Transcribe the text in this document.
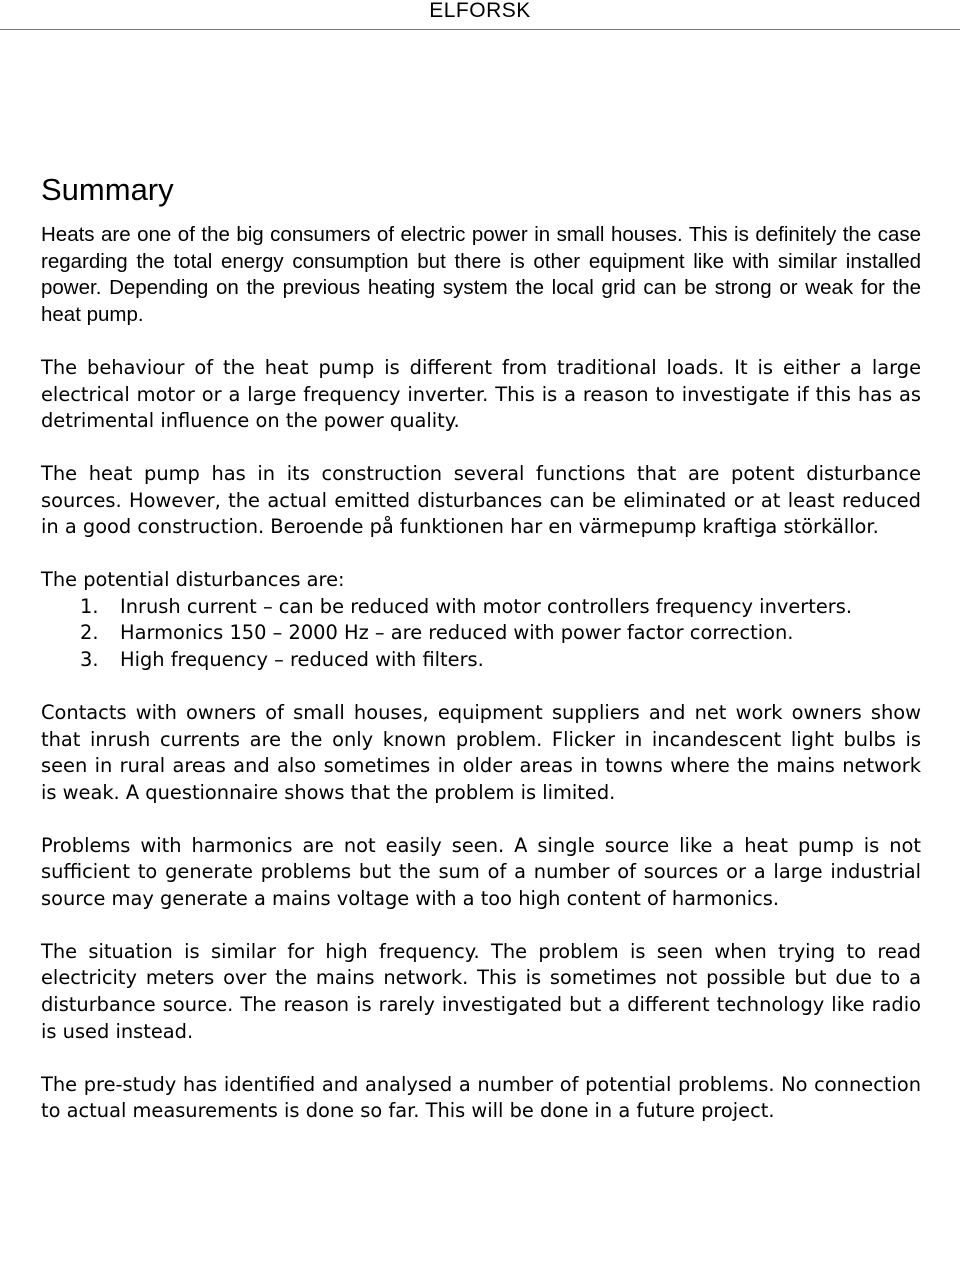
ELFORSK
Summary

Heats are one of the big consumers of electric power in small houses. This is definitely the case regarding the total energy consumption but there is other equipment like with similar installed power. Depending on the previous heating system the local grid can be strong or weak for the heat pump.

The behaviour of the heat pump is different from traditional loads. It is either a large electrical motor or a large frequency inverter. This is a reason to investigate if this has as detrimental influence on the power quality.

The heat pump has in its construction several functions that are potent disturbance sources. However, the actual emitted disturbances can be eliminated or at least reduced in a good construction. Beroende på funktionen har en värmepump kraftiga störkällor.

The potential disturbances are:

1. Inrush current – can be reduced with motor controllers frequency inverters.
2. Harmonics 150 – 2000 Hz – are reduced with power factor correction.
3. High frequency – reduced with filters.

Contacts with owners of small houses, equipment suppliers and net work owners show that inrush currents are the only known problem. Flicker in incandescent light bulbs is seen in rural areas and also sometimes in older areas in towns where the mains network is weak. A questionnaire shows that the problem is limited.

Problems with harmonics are not easily seen. A single source like a heat pump is not sufficient to generate problems but the sum of a number of sources or a large industrial source may generate a mains voltage with a too high content of harmonics.

The situation is similar for high frequency. The problem is seen when trying to read electricity meters over the mains network. This is sometimes not possible but due to a disturbance source. The reason is rarely investigated but a different technology like radio is used instead.

The pre-study has identified and analysed a number of potential problems. No connection to actual measurements is done so far. This will be done in a future project.
